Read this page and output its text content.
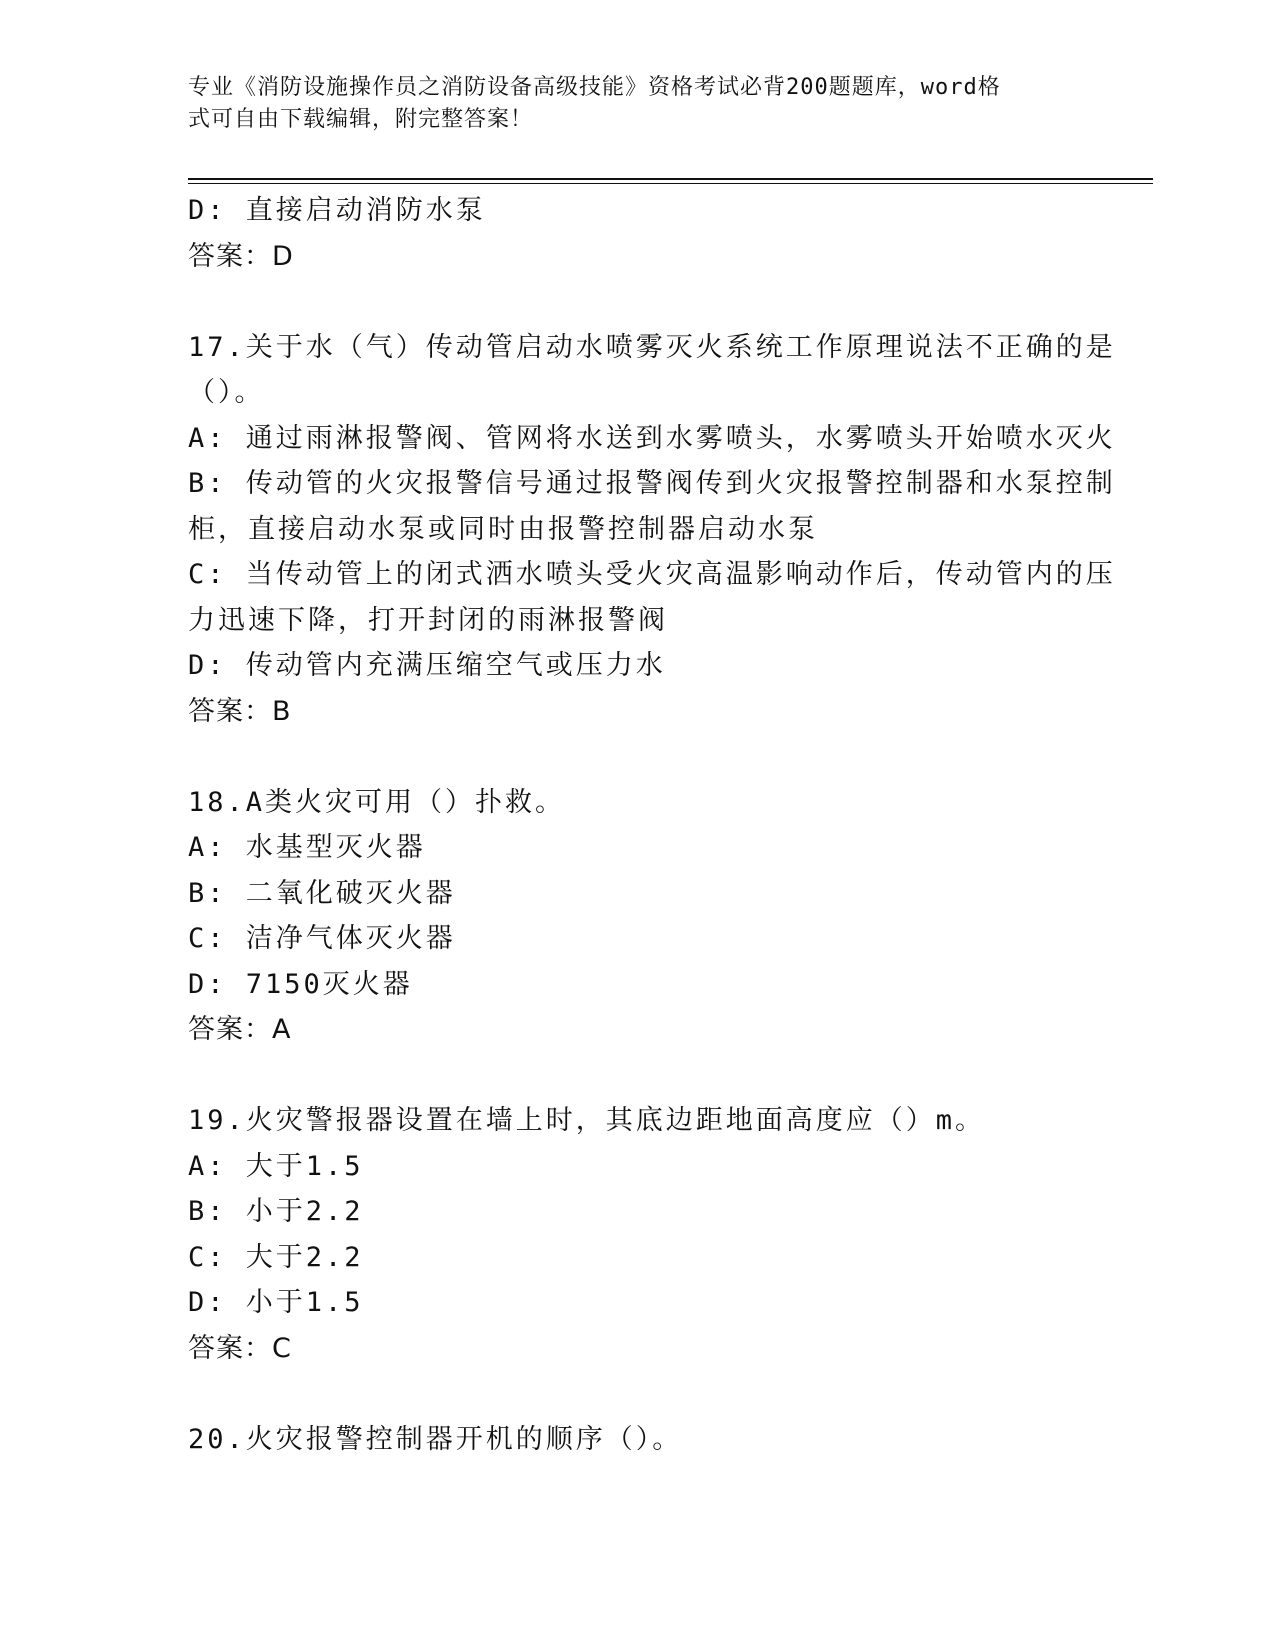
专业《消防设施操作员之消防设备高级技能》资格考试必背200题题库，word格
式可自由下载编辑，附完整答案！
D: 直接启动消防水泵
答案：D
17.关于水（气）传动管启动水喷雾灭火系统工作原理说法不正确的是
（）。
A: 通过雨淋报警阀、管网将水送到水雾喷头，水雾喷头开始喷水灭火
B: 传动管的火灾报警信号通过报警阀传到火灾报警控制器和水泵控制
柜，直接启动水泵或同时由报警控制器启动水泵
C: 当传动管上的闭式洒水喷头受火灾高温影响动作后，传动管内的压
力迅速下降，打开封闭的雨淋报警阀
D: 传动管内充满压缩空气或压力水
答案：B
18.A类火灾可用（）扑救。
A: 水基型灭火器
B: 二氧化破灭火器
C: 洁净气体灭火器
D: 7150灭火器
答案：A
19.火灾警报器设置在墙上时，其底边距地面高度应（）m。
A: 大于1.5
B: 小于2.2
C: 大于2.2
D: 小于1.5
答案：C
20.火灾报警控制器开机的顺序（）。
